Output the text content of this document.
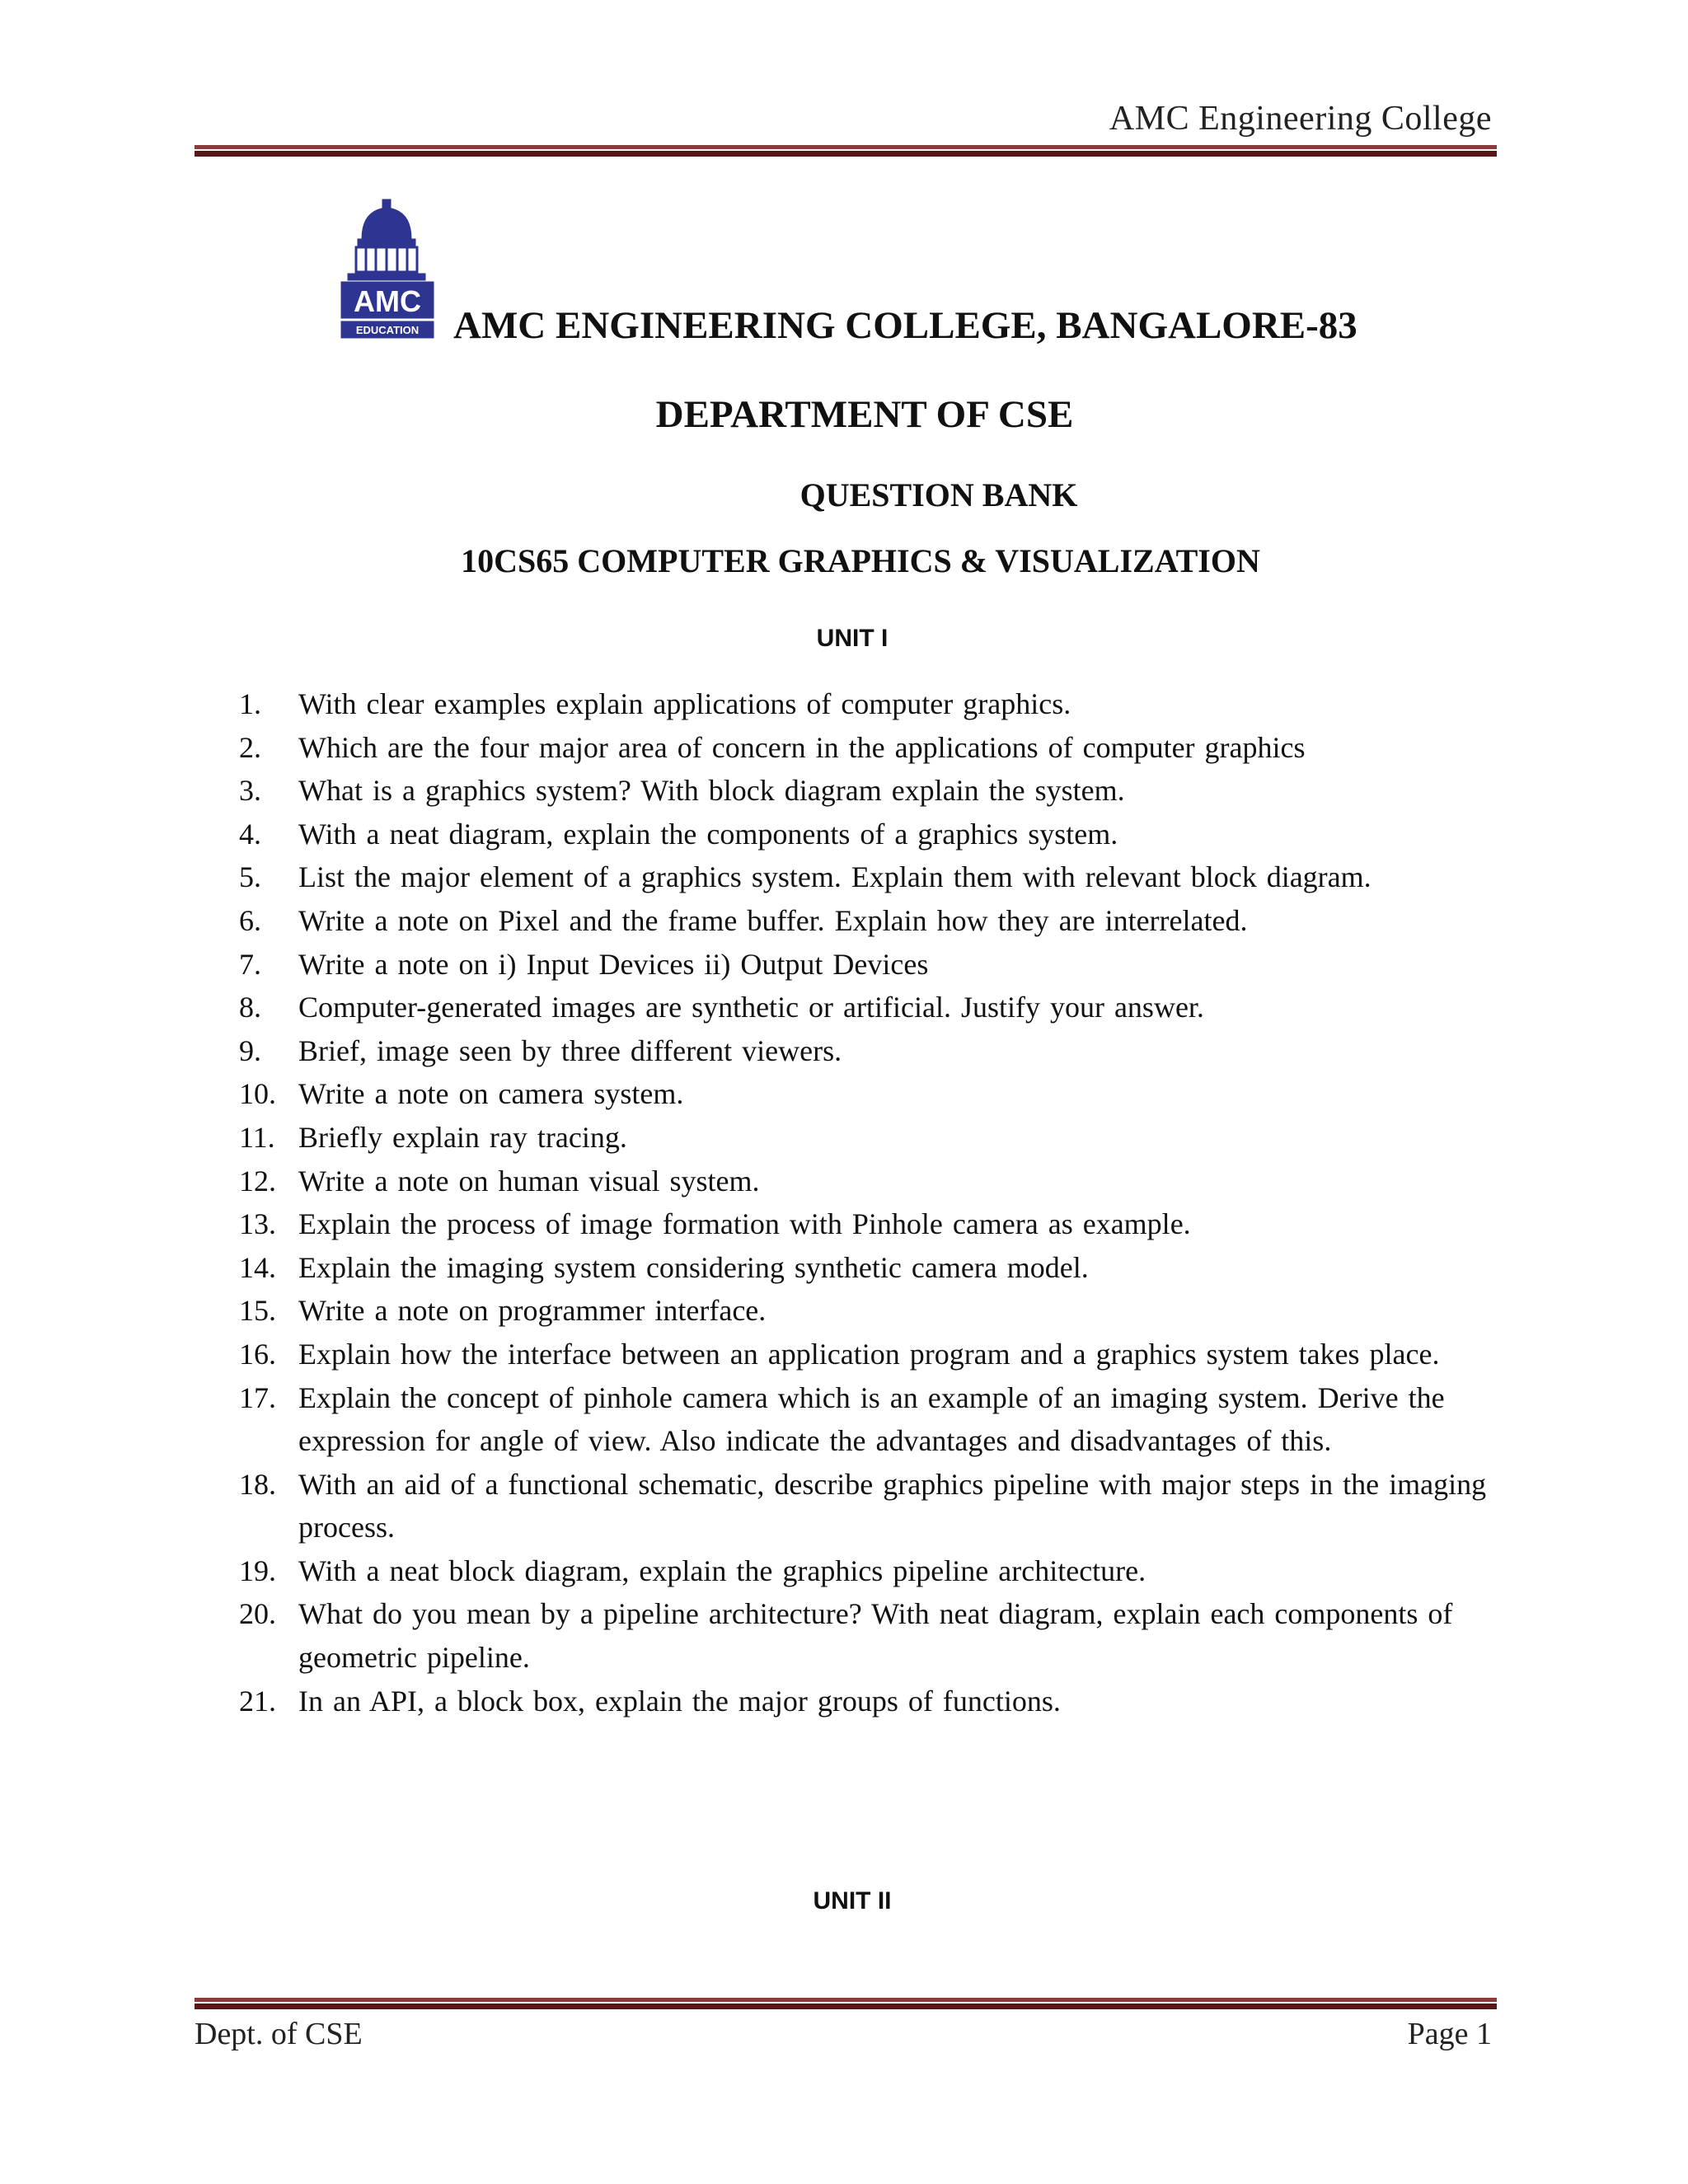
AMC Engineering College
AMC
EDUCATION AMC ENGINEERING COLLEGE, BANGALORE-83
DEPARTMENT OF CSE
QUESTION BANK
10CS65 COMPUTER GRAPHICS & VISUALIZATION
UNIT I
1.	With clear examples explain applications of computer graphics.
2.	Which are the four major area of concern in the applications of computer graphics
3.	What is a graphics system? With block diagram explain the system.
4.	With a neat diagram, explain the components of a graphics system.
5.	List the major element of a graphics system. Explain them with relevant block diagram.
6.	Write a note on Pixel and the frame buffer. Explain how they are interrelated.
7.	Write a note on i) Input Devices ii) Output Devices
8.	Computer-generated images are synthetic or artificial. Justify your answer.
9.	Brief, image seen by three different viewers.
10. Write a note on camera system.
11. Briefly explain ray tracing.
12. Write a note on human visual system.
13. Explain the process of image formation with Pinhole camera as example.
14. Explain the imaging system considering synthetic camera model.
15. Write a note on programmer interface.
16. Explain how the interface between an application program and a graphics system takes place.
17. Explain the concept of pinhole camera which is an example of an imaging system. Derive the expression for angle of view. Also indicate the advantages and disadvantages of this.
18. With an aid of a functional schematic, describe graphics pipeline with major steps in the imaging process.
19. With a neat block diagram, explain the graphics pipeline architecture.
20. What do you mean by a pipeline architecture? With neat diagram, explain each components of geometric pipeline.
21. In an API, a block box, explain the major groups of functions.
UNIT II
Dept. of CSE	Page 1
